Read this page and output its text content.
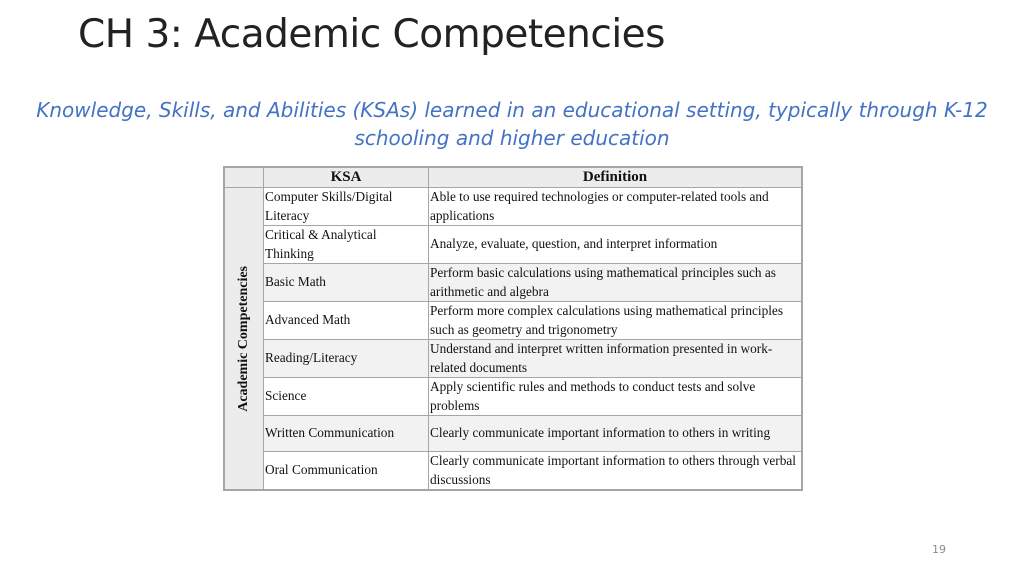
CH 3: Academic Competencies
Knowledge, Skills, and Abilities (KSAs) learned in an educational setting, typically through K-12 schooling and higher education
	KSA	Definition

Academic Competencies	Computer Skills/Digital Literacy	Able to use required technologies or computer-related tools and applications
	Critical & Analytical Thinking	Analyze, evaluate, question, and interpret information
	Basic Math	Perform basic calculations using mathematical principles such as arithmetic and algebra
	Advanced Math	Perform more complex calculations using mathematical principles such as geometry and trigonometry
	Reading/Literacy	Understand and interpret written information presented in work-related documents
	Science	Apply scientific rules and methods to conduct tests and solve problems
	Written Communication	Clearly communicate important information to others in writing
	Oral Communication	Clearly communicate important information to others through verbal discussions
19
